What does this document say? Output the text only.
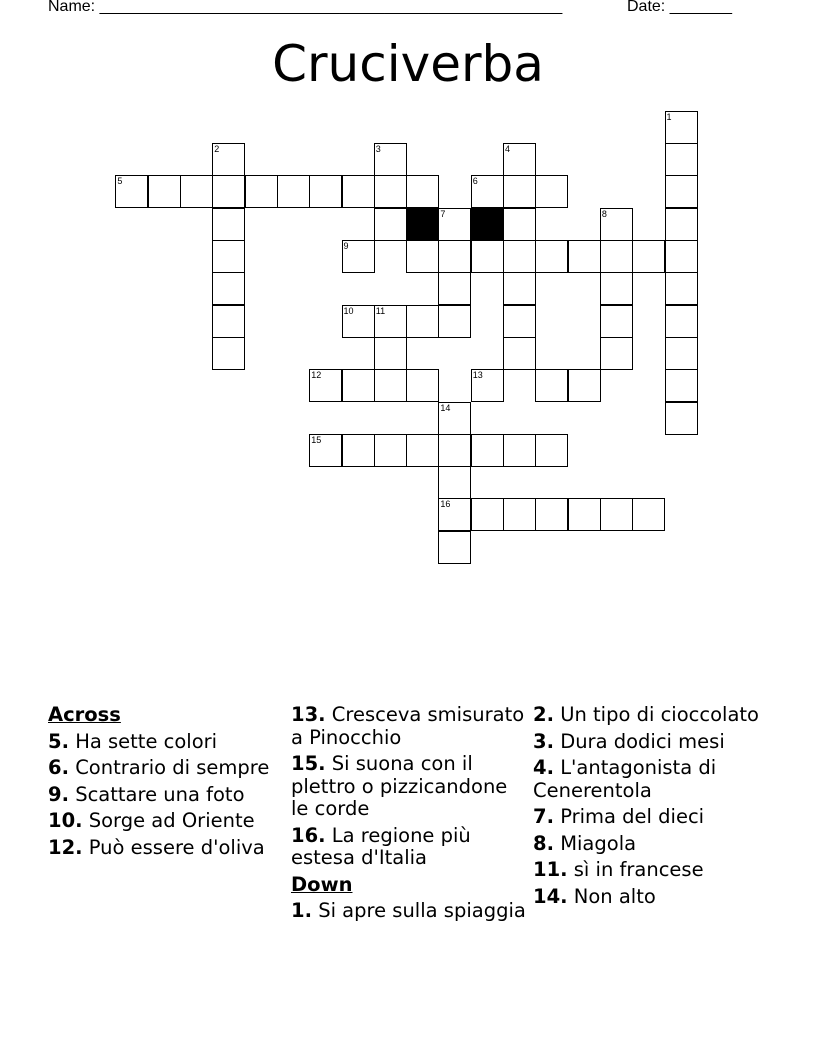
Name: ____________________________________________________	Date: _______
Cruciverba
1
2	3	4
5	6
7	8
9
10 11
12	13
14
15
16
Across
5. Ha sette colori
6. Contrario di sempre
9. Scattare una foto
10. Sorge ad Oriente
12. Può essere d'oliva
13. Cresceva smisurato a Pinocchio
15. Si suona con il plettro o pizzicandone le corde
16. La regione più estesa d'Italia
Down
1. Si apre sulla spiaggia
2. Un tipo di cioccolato
3. Dura dodici mesi
4. L'antagonista di Cenerentola
7. Prima del dieci
8. Miagola
11. sì in francese
14. Non alto
